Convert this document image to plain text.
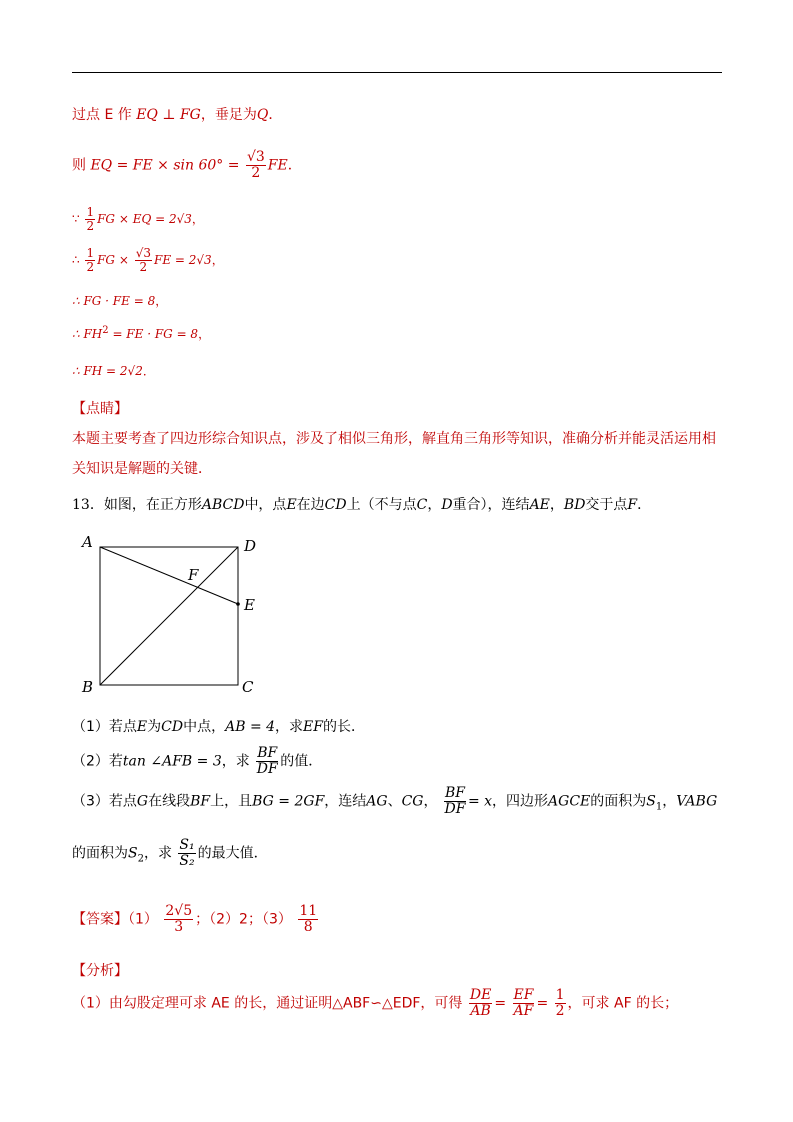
过点 E 作 EQ ⊥ FG，垂足为Q．
则 EQ = FE × $\sin 60^\circ = \frac{√3}{2}$ FE．
∵ $\frac{1}{2}$ FG × EQ = 2√3，
∴ $\frac{1}{2}$ FG × $\frac{√3}{2}$ FE = 2√3，
∴ FG · FE = 8，
∴ $FH^2$ = FE · FG = 8，
∴ FH = 2√2．
【点睛】
本题主要考查了四边形综合知识点，涉及了相似三角形，解直角三角形等知识，准确分析并能灵活运用相关知识是解题的关键．
13．如图，在正方形ABCD中，点E在边CD上（不与点C，D重合），连结AE，BD交于点F．
A	D
F
E
B	C
（1）若点E为CD中点，AB = 4，求EF的长．
（2）若tan ∠AFB = 3，求 $\frac{BF}{DF}$ 的值．
（3）若点G在线段BF上，且BG = 2GF，连结AG、CG， $\frac{BF}{DF} = x$，四边形AGCE的面积为$S_1$，VABG
的面积为$S_2$，求 $\frac{\text{S₁}}{\text{S₂}}$ 的最大值．
【答案】$(1) \frac{2√5}{3}$ ；（2）2；$(3) \frac{11}{8}$
【分析】
（1）由勾股定理可求 AE 的长，通过证明△ABF∽△EDF，可得 $\frac{DE}{AB} = \frac{EF}{AF} = \frac{1}{2}$ ，可求 AF 的长；
